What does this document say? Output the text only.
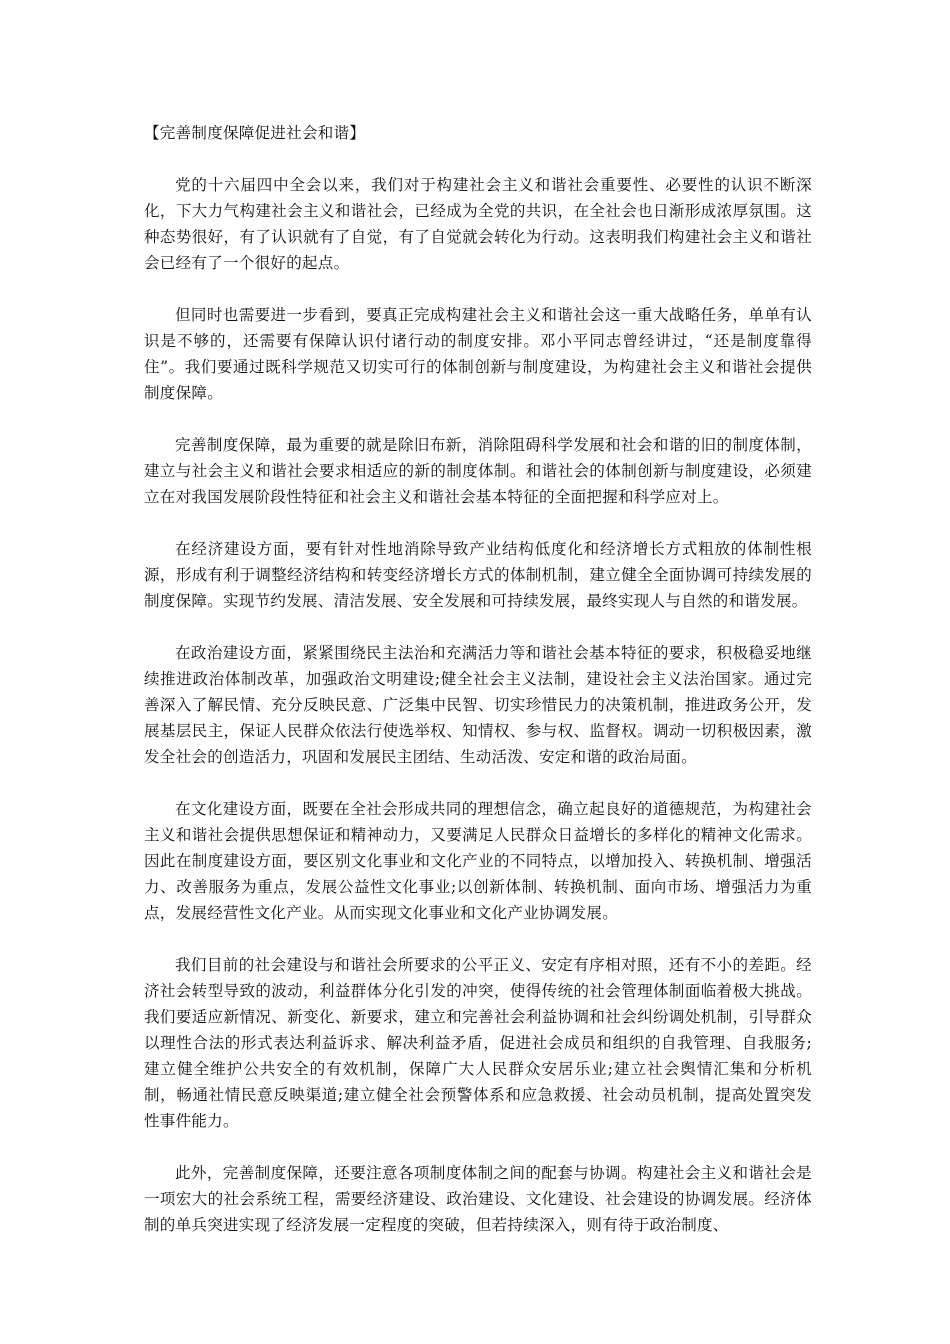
【完善制度保障促进社会和谐】

党的十六届四中全会以来，我们对于构建社会主义和谐社会重要性、必要性的认识不断深化，下大力气构建社会主义和谐社会，已经成为全党的共识，在全社会也日渐形成浓厚氛围。这种态势很好，有了认识就有了自觉，有了自觉就会转化为行动。这表明我们构建社会主义和谐社会已经有了一个很好的起点。

但同时也需要进一步看到，要真正完成构建社会主义和谐社会这一重大战略任务，单单有认识是不够的，还需要有保障认识付诸行动的制度安排。邓小平同志曾经讲过，“还是制度靠得住”。我们要通过既科学规范又切实可行的体制创新与制度建设，为构建社会主义和谐社会提供制度保障。

完善制度保障，最为重要的就是除旧布新，消除阻碍科学发展和社会和谐的旧的制度体制，建立与社会主义和谐社会要求相适应的新的制度体制。和谐社会的体制创新与制度建设，必须建立在对我国发展阶段性特征和社会主义和谐社会基本特征的全面把握和科学应对上。

在经济建设方面，要有针对性地消除导致产业结构低度化和经济增长方式粗放的体制性根源，形成有利于调整经济结构和转变经济增长方式的体制机制，建立健全全面协调可持续发展的制度保障。实现节约发展、清洁发展、安全发展和可持续发展，最终实现人与自然的和谐发展。

在政治建设方面，紧紧围绕民主法治和充满活力等和谐社会基本特征的要求，积极稳妥地继续推进政治体制改革，加强政治文明建设;健全社会主义法制，建设社会主义法治国家。通过完善深入了解民情、充分反映民意、广泛集中民智、切实珍惜民力的决策机制，推进政务公开，发展基层民主，保证人民群众依法行使选举权、知情权、参与权、监督权。调动一切积极因素，激发全社会的创造活力，巩固和发展民主团结、生动活泼、安定和谐的政治局面。

在文化建设方面，既要在全社会形成共同的理想信念，确立起良好的道德规范，为构建社会主义和谐社会提供思想保证和精神动力，又要满足人民群众日益增长的多样化的精神文化需求。因此在制度建设方面，要区别文化事业和文化产业的不同特点，以增加投入、转换机制、增强活力、改善服务为重点，发展公益性文化事业;以创新体制、转换机制、面向市场、增强活力为重点，发展经营性文化产业。从而实现文化事业和文化产业协调发展。

我们目前的社会建设与和谐社会所要求的公平正义、安定有序相对照，还有不小的差距。经济社会转型导致的波动，利益群体分化引发的冲突，使得传统的社会管理体制面临着极大挑战。我们要适应新情况、新变化、新要求，建立和完善社会利益协调和社会纠纷调处机制，引导群众以理性合法的形式表达利益诉求、解决利益矛盾，促进社会成员和组织的自我管理、自我服务;建立健全维护公共安全的有效机制，保障广大人民群众安居乐业;建立社会舆情汇集和分析机制，畅通社情民意反映渠道;建立健全社会预警体系和应急救援、社会动员机制，提高处置突发性事件能力。

此外，完善制度保障，还要注意各项制度体制之间的配套与协调。构建社会主义和谐社会是一项宏大的社会系统工程，需要经济建设、政治建设、文化建设、社会建设的协调发展。经济体制的单兵突进实现了经济发展一定程度的突破，但若持续深入，则有待于政治制度、
